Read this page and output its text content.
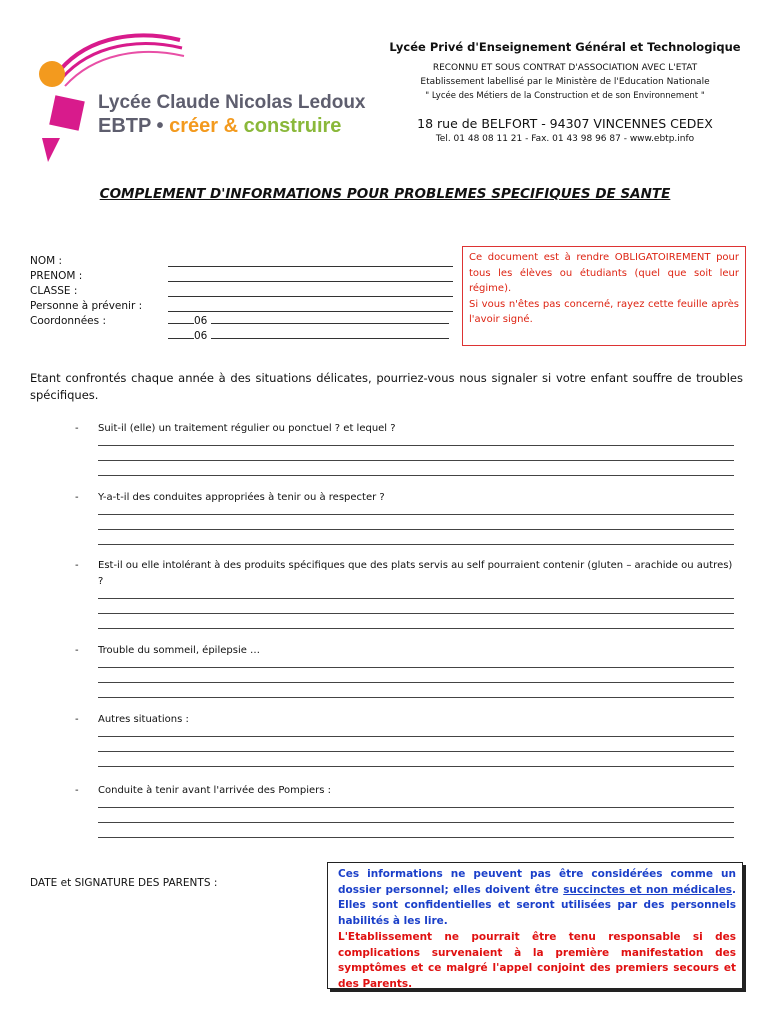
Lycée Claude Nicolas Ledoux
EBTP • créer & construire
Lycée Privé d'Enseignement Général et Technologique
RECONNU ET SOUS CONTRAT D'ASSOCIATION AVEC L'ETAT
Etablissement labellisé par le Ministère de l'Education Nationale
" Lycée des Métiers de la Construction et de son Environnement "
18 rue de BELFORT - 94307 VINCENNES CEDEX
Tel. 01 48 08 11 21 - Fax. 01 43 98 96 87 - www.ebtp.info
COMPLEMENT D'INFORMATIONS POUR PROBLEMES SPECIFIQUES DE SANTE
NOM :
PRENOM :
CLASSE :
Personne à prévenir :
Coordonnées :	06
06

Ce document est à rendre OBLIGATOIREMENT pour tous les élèves ou étudiants (quel que soit leur régime).

Si vous n'êtes pas concerné, rayez cette feuille après l'avoir signé.

Etant confrontés chaque année à des situations délicates, pourriez-vous nous signaler si votre enfant souffre de troubles spécifiques.
- Suit-il (elle) un traitement régulier ou ponctuel ? et lequel ?
- Y-a-t-il des conduites appropriées à tenir ou à respecter ?
- Est-il ou elle intolérant à des produits spécifiques que des plats servis au self pourraient contenir (gluten – arachide ou autres) ?
- Trouble du sommeil, épilepsie …
- Autres situations :
- Conduite à tenir avant l'arrivée des Pompiers :
DATE et SIGNATURE DES PARENTS :

Ces informations ne peuvent pas être considérées comme un dossier personnel; elles doivent être succinctes et non médicales. Elles sont confidentielles et seront utilisées par des personnels habilités à les lire.

L'Etablissement ne pourrait être tenu responsable si des complications survenaient à la première manifestation des symptômes et ce malgré l'appel conjoint des premiers secours et des Parents.
